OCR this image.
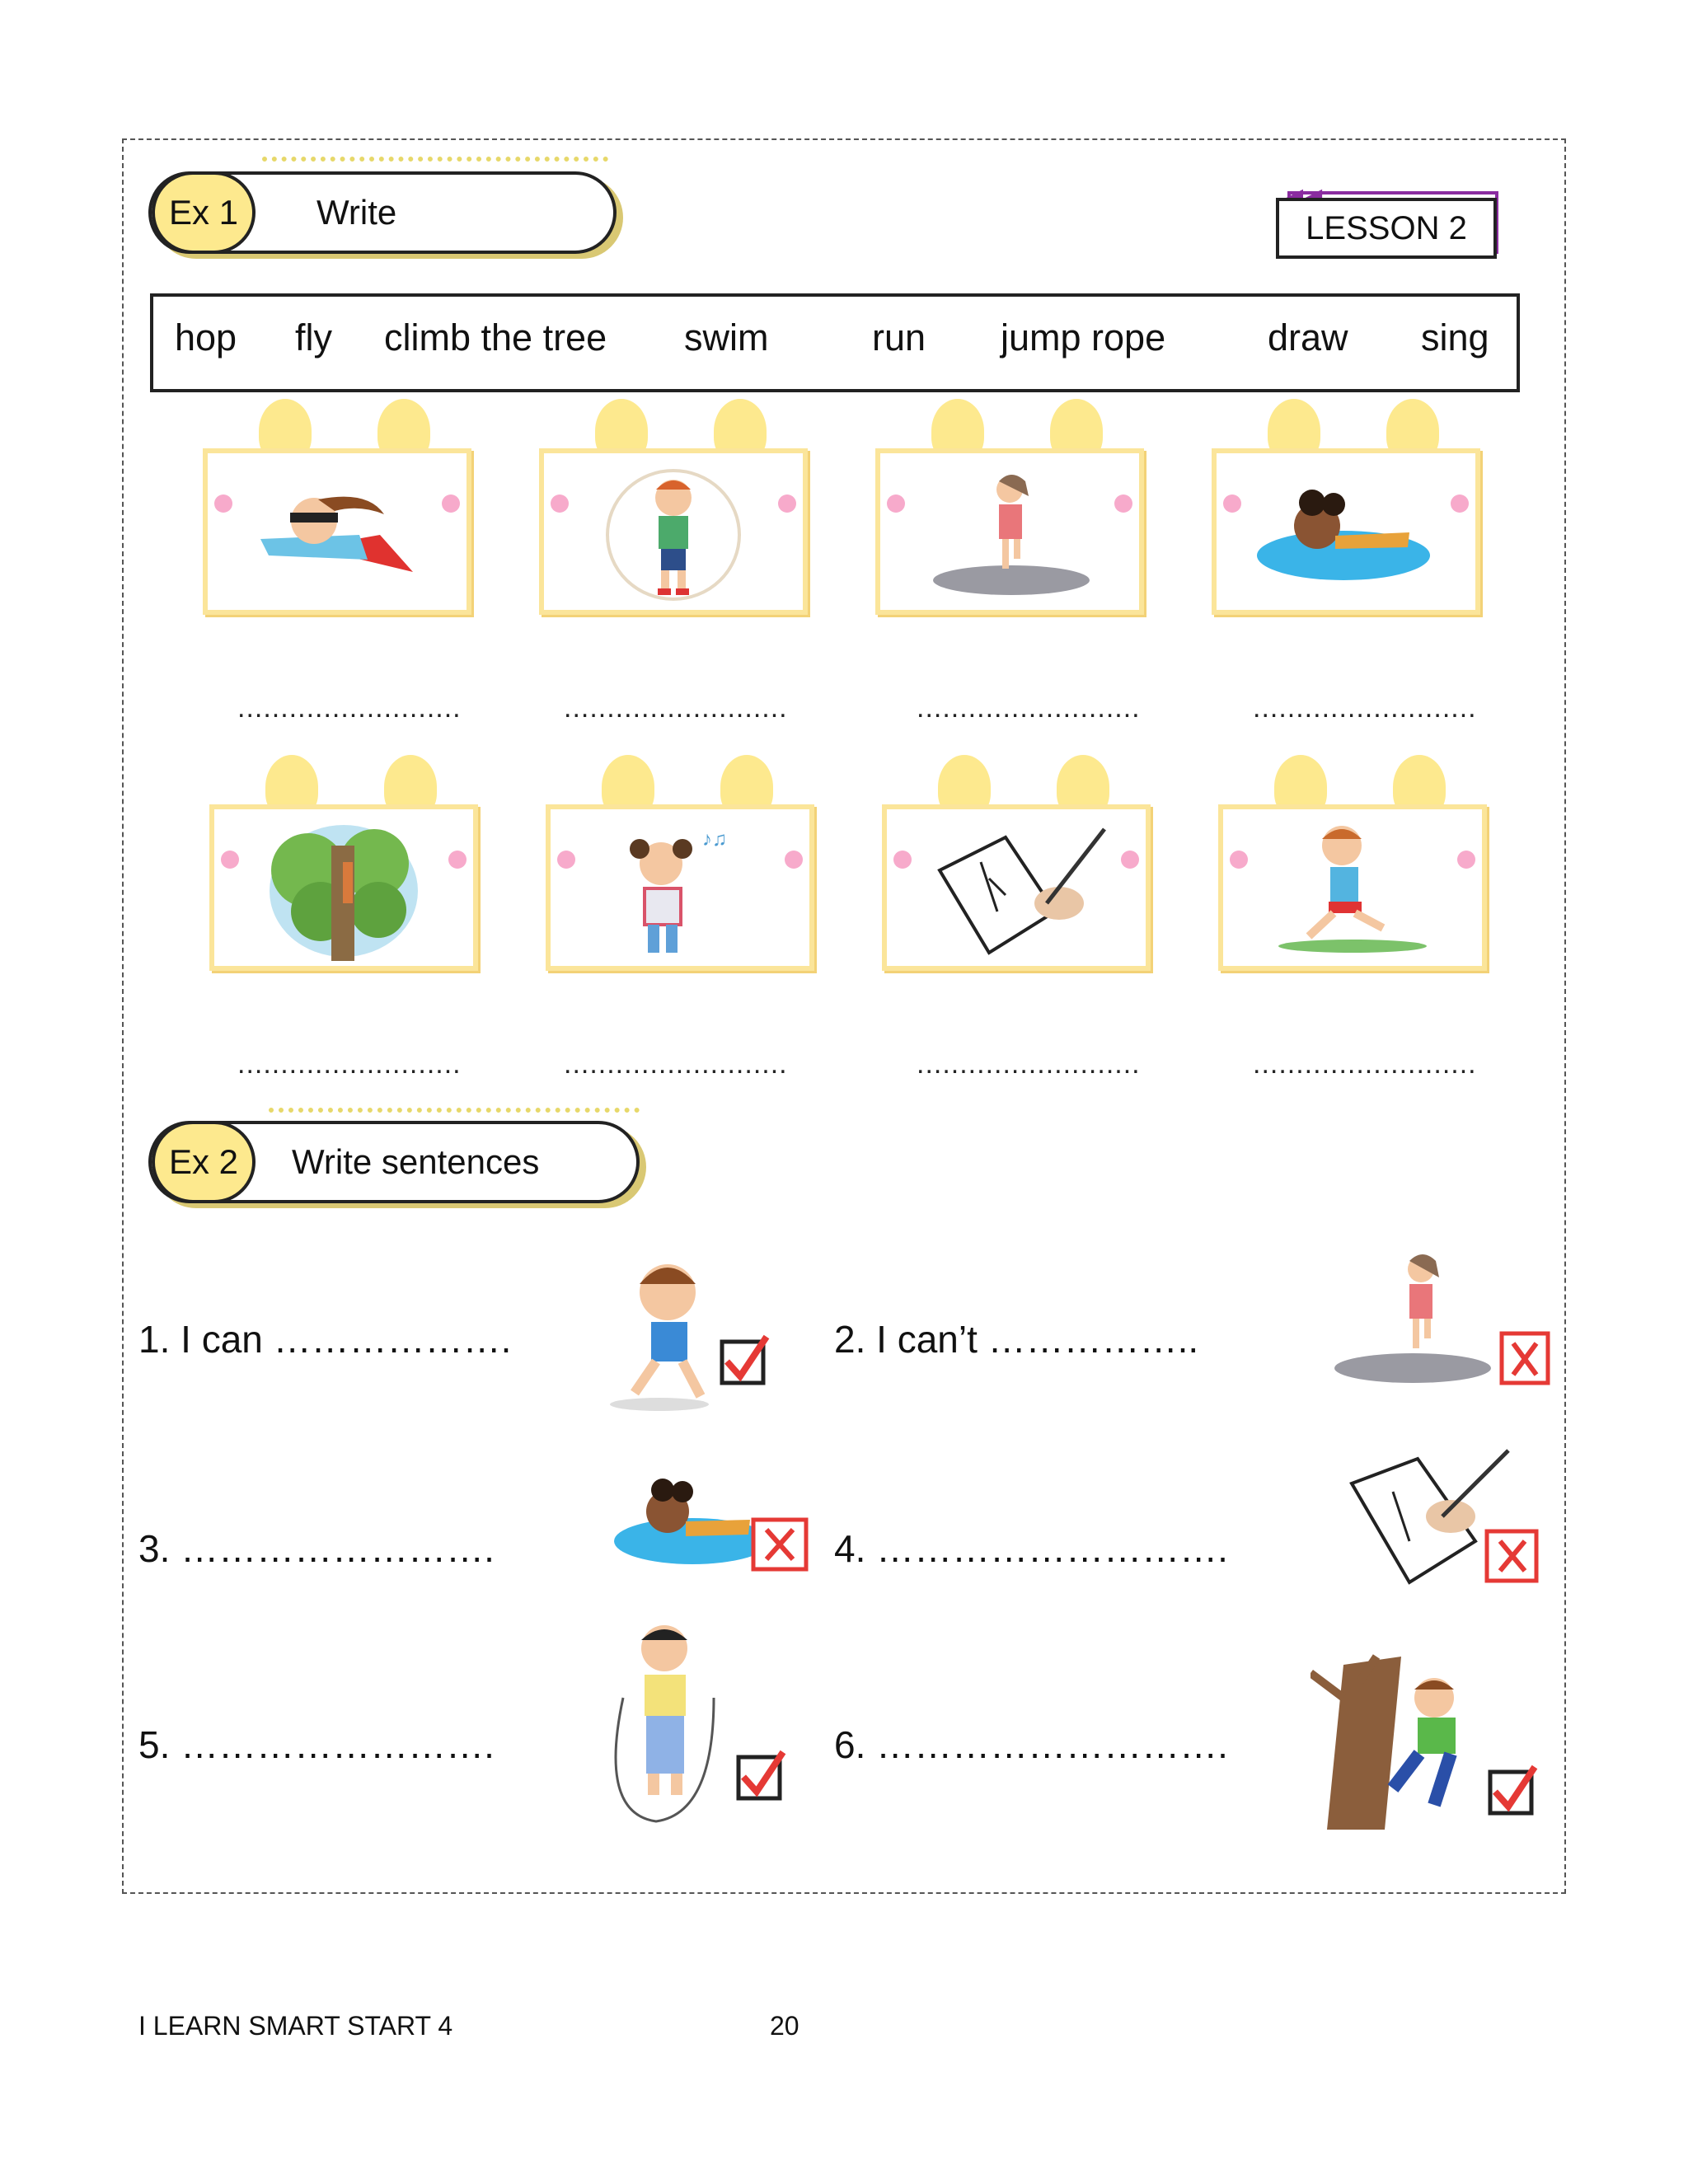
Ex 1	Write	LESSON 2
hop fly climb the tree swim	run jump rope	draw sing
..........................	..........................	..........................	..........................
♪♫
..........................	..........................	..........................	..........................
Ex 2	Write sentences
1. I can ……………….	2. I can’t ……………..
3. …………………….	4. ……………………….
5. …………………….	6. ……………………….
I LEARN SMART START 4	20
